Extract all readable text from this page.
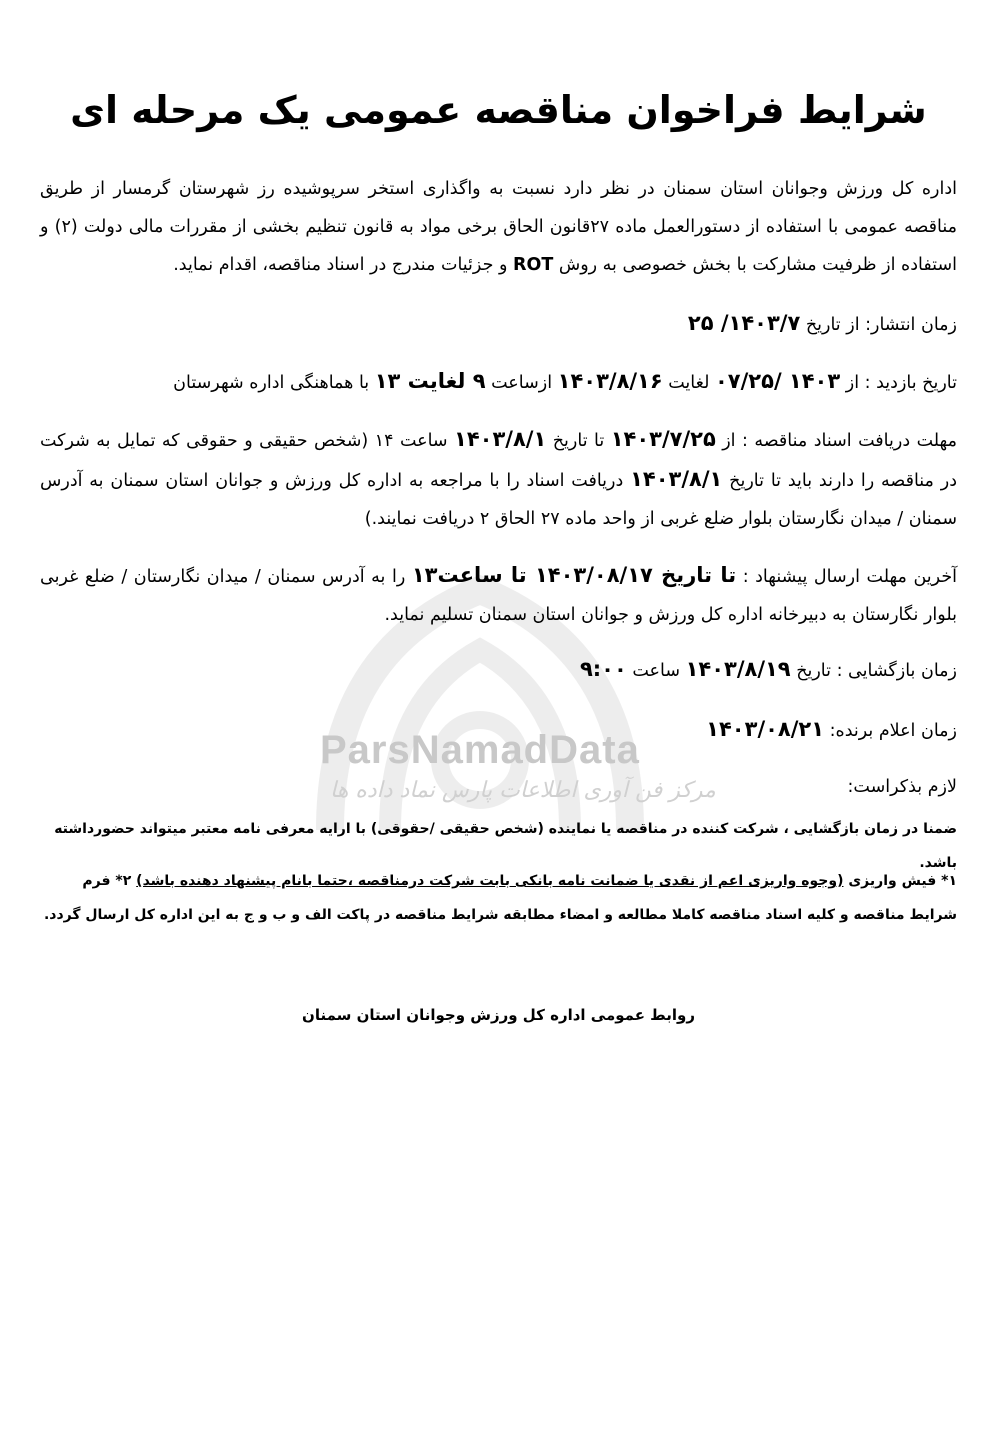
ParsNamadData
مرکز فن آوری اطلاعات پارس نماد داده ها
شرایط فراخوان مناقصه عمومی یک مرحله ای
اداره کل ورزش وجوانان استان سمنان در نظر دارد نسبت به واگذاری استخر سرپوشیده رز شهرستان گرمسار از طریق مناقصه عمومی با استفاده از دستورالعمل ماده ۲۷قانون الحاق برخی مواد به قانون تنظیم بخشی از مقررات مالی دولت (۲) و استفاده از ظرفیت مشارکت با بخش خصوصی به روش ROT و جزئیات مندرج در اسناد مناقصه، اقدام نماید.
زمان انتشار: از تاریخ ۱۴۰۳/۷/ ۲۵
تاریخ بازدید : از ۱۴۰۳ /۰۷/۲۵ لغایت ۱۴۰۳/۸/۱۶ ازساعت ۹ لغایت ۱۳ با هماهنگی اداره شهرستان
مهلت دریافت اسناد مناقصه : از ۱۴۰۳/۷/۲۵ تا تاریخ ۱۴۰۳/۸/۱ ساعت ۱۴ (شخص حقیقی و حقوقی که تمایل به شرکت در مناقصه را دارند باید تا تاریخ ۱۴۰۳/۸/۱ دریافت اسناد را با مراجعه به اداره کل ورزش و جوانان استان سمنان به آدرس سمنان / میدان نگارستان بلوار ضلع غربی از واحد ماده ۲۷ الحاق ۲ دریافت نمایند.)
آخرین مهلت ارسال پیشنهاد : تا تاریخ ۱۴۰۳/۰۸/۱۷ تا ساعت۱۳ را به آدرس سمنان / میدان نگارستان / ضلع غربی بلوار نگارستان به دبیرخانه اداره کل ورزش و جوانان استان سمنان تسلیم نماید.
زمان بازگشایی : تاریخ ۱۴۰۳/۸/۱۹ ساعت ۹:۰۰
زمان اعلام برنده: ۱۴۰۳/۰۸/۲۱
لازم بذکراست:
ضمنا در زمان بازگشایی ، شرکت کننده در مناقصه یا نماینده (شخص حقیقی /حقوقی) با ارایه معرفی نامه معتبر میتواند حضورداشته باشد.
۱* فیش واریزی (وجوه واریزی اعم از نقدی یا ضمانت نامه بانکی بابت شرکت درمناقصه ،حتما بانام پیشنهاد دهنده باشد) ۲* فرم شرایط مناقصه و کلیه اسناد مناقصه کاملا مطالعه و امضاء مطابقه شرایط مناقصه در پاکت الف و ب و ج به این اداره کل ارسال گردد.
روابط عمومی اداره کل ورزش وجوانان استان سمنان
